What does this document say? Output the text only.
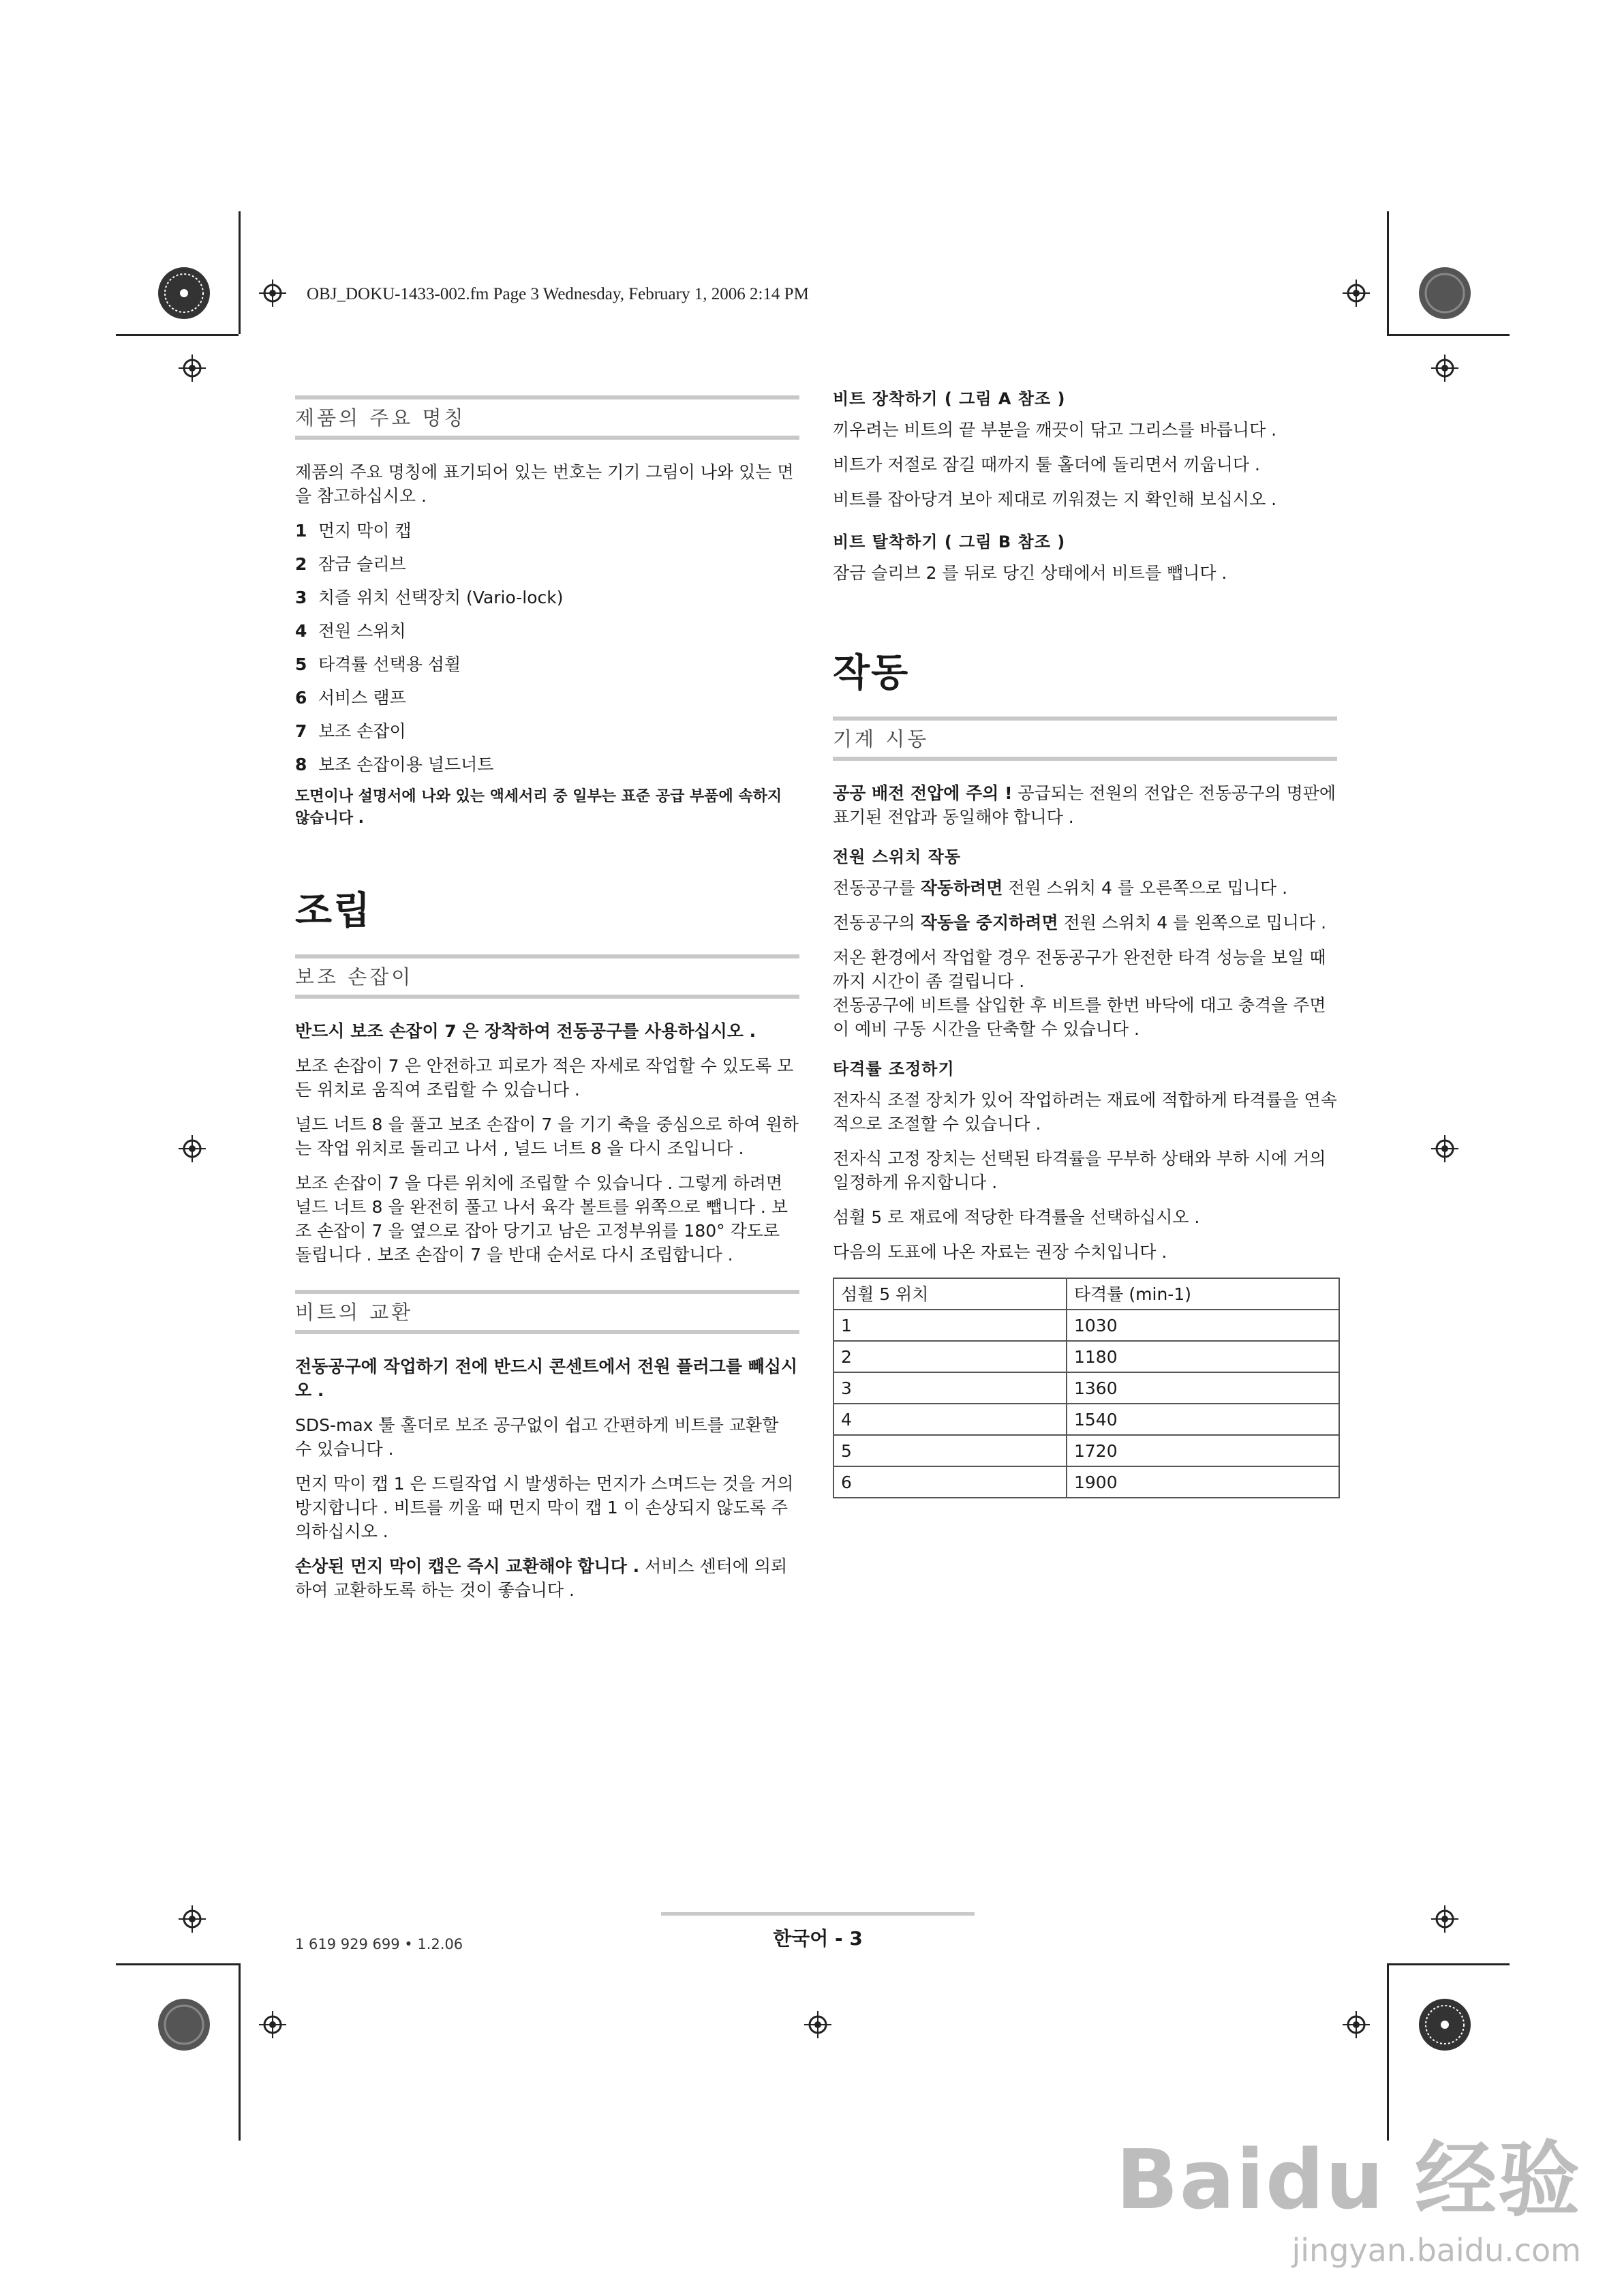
OBJ_DOKU-1433-002.fm Page 3 Wednesday, February 1, 2006 2:14 PM
제품의 주요 명칭

제품의 주요 명칭에 표기되어 있는 번호는 기기 그림이 나와 있는 면을 참고하십시오 .

1 먼지 막이 캡
2 잠금 슬리브
3 치즐 위치 선택장치 (Vario-lock)
4 전원 스위치
5 타격률 선택용 섬휠
6 서비스 램프
7 보조 손잡이
8 보조 손잡이용 널드너트

도면이나 설명서에 나와 있는 액세서리 중 일부는 표준 공급 부품에 속하지 않습니다 .

조립
보조 손잡이

반드시 보조 손잡이 7 은 장착하여 전동공구를 사용하십시오 .

보조 손잡이 7 은 안전하고 피로가 적은 자세로 작업할 수 있도록 모든 위치로 움직여 조립할 수 있습니다 .

널드 너트 8 을 풀고 보조 손잡이 7 을 기기 축을 중심으로 하여 원하는 작업 위치로 돌리고 나서 , 널드 너트 8 을 다시 조입니다 .

보조 손잡이 7 을 다른 위치에 조립할 수 있습니다 . 그렇게 하려면 널드 너트 8 을 완전히 풀고 나서 육각 볼트를 위쪽으로 뺍니다 . 보조 손잡이 7 을 옆으로 잡아 당기고 남은 고정부위를 180° 각도로 돌립니다 . 보조 손잡이 7 을 반대 순서로 다시 조립합니다 .

비트의 교환

전동공구에 작업하기 전에 반드시 콘센트에서 전원 플러그를 빼십시오 .

SDS-max 툴 홀더로 보조 공구없이 쉽고 간편하게 비트를 교환할 수 있습니다 .

먼지 막이 캡 1 은 드릴작업 시 발생하는 먼지가 스며드는 것을 거의 방지합니다 . 비트를 끼울 때 먼지 막이 캡 1 이 손상되지 않도록 주의하십시오 .

손상된 먼지 막이 캡은 즉시 교환해야 합니다 . 서비스 센터에 의뢰하여 교환하도록 하는 것이 좋습니다 .

비트 장착하기 ( 그림 A 참조 )

끼우려는 비트의 끝 부분을 깨끗이 닦고 그리스를 바릅니다 .

비트가 저절로 잠길 때까지 툴 홀더에 돌리면서 끼웁니다 .

비트를 잡아당겨 보아 제대로 끼워졌는 지 확인해 보십시오 .

비트 탈착하기 ( 그림 B 참조 )

잠금 슬리브 2 를 뒤로 당긴 상태에서 비트를 뺍니다 .

작동
기계 시동

공공 배전 전압에 주의 ! 공급되는 전원의 전압은 전동공구의 명판에 표기된 전압과 동일해야 합니다 .

전원 스위치 작동

전동공구를 작동하려면 전원 스위치 4 를 오른쪽으로 밉니다 .

전동공구의 작동을 중지하려면 전원 스위치 4 를 왼쪽으로 밉니다 .

저온 환경에서 작업할 경우 전동공구가 완전한 타격 성능을 보일 때까지 시간이 좀 걸립니다 .

전동공구에 비트를 삽입한 후 비트를 한번 바닥에 대고 충격을 주면 이 예비 구동 시간을 단축할 수 있습니다 .

타격률 조정하기

전자식 조절 장치가 있어 작업하려는 재료에 적합하게 타격률을 연속적으로 조절할 수 있습니다 .

전자식 고정 장치는 선택된 타격률을 무부하 상태와 부하 시에 거의 일정하게 유지합니다 .

섬휠 5 로 재료에 적당한 타격률을 선택하십시오 .

다음의 도표에 나온 자료는 권장 수치입니다 .

섬휠 5 위치	타격률 (min-1)
1	1030
2	1180
3	1360
4	1540
5	1720
6	1900
1 619 929 699 • 1.2.06	한국어 - 3
Baidu 经验
jingyan.baidu.com
